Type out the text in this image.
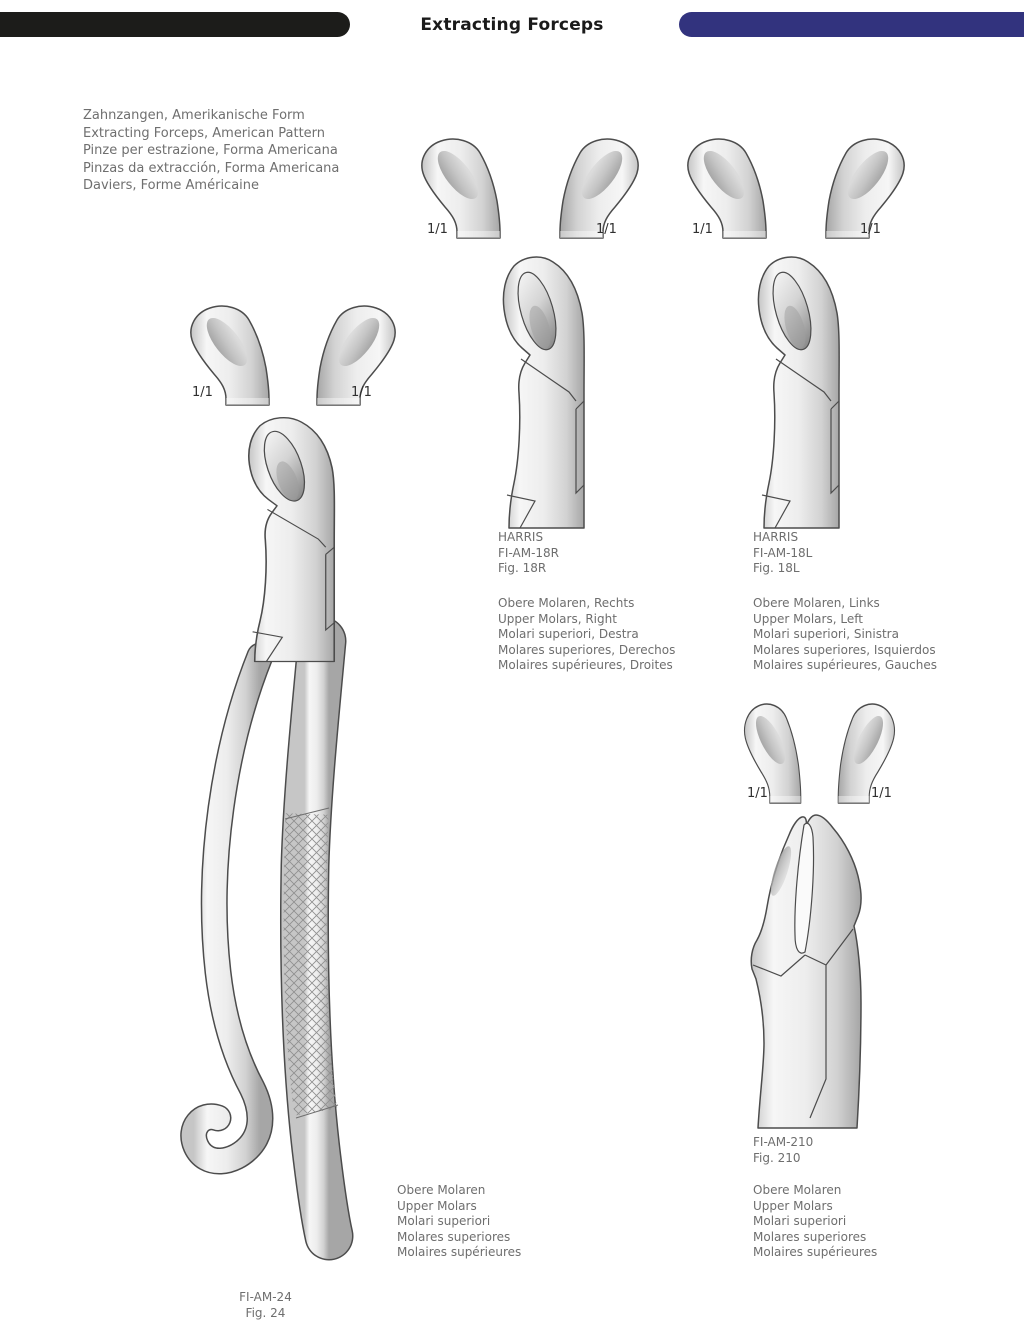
Extracting Forceps
Zahnzangen, Amerikanische Form
Extracting Forceps, American Pattern
Pinze per estrazione, Forma Americana
Pinzas da extracción, Forma Americana
Daviers, Forme Américaine
1/1	1/1	1/1	1/1
1/1	1/1
1/1	1/1
HARRIS
FI-AM-18R
Fig. 18R
Obere Molaren, Rechts
Upper Molars, Right
Molari superiori, Destra
Molares superiores, Derechos
Molaires supérieures, Droites
HARRIS
FI-AM-18L
Fig. 18L
Obere Molaren, Links
Upper Molars, Left
Molari superiori, Sinistra
Molares superiores, Isquierdos
Molaires supérieures, Gauches
FI-AM-210
Fig. 210
Obere Molaren
Upper Molars
Molari superiori
Molares superiores
Molaires supérieures
Obere Molaren
Upper Molars
Molari superiori
Molares superiores
Molaires supérieures
FI-AM-24
Fig. 24
